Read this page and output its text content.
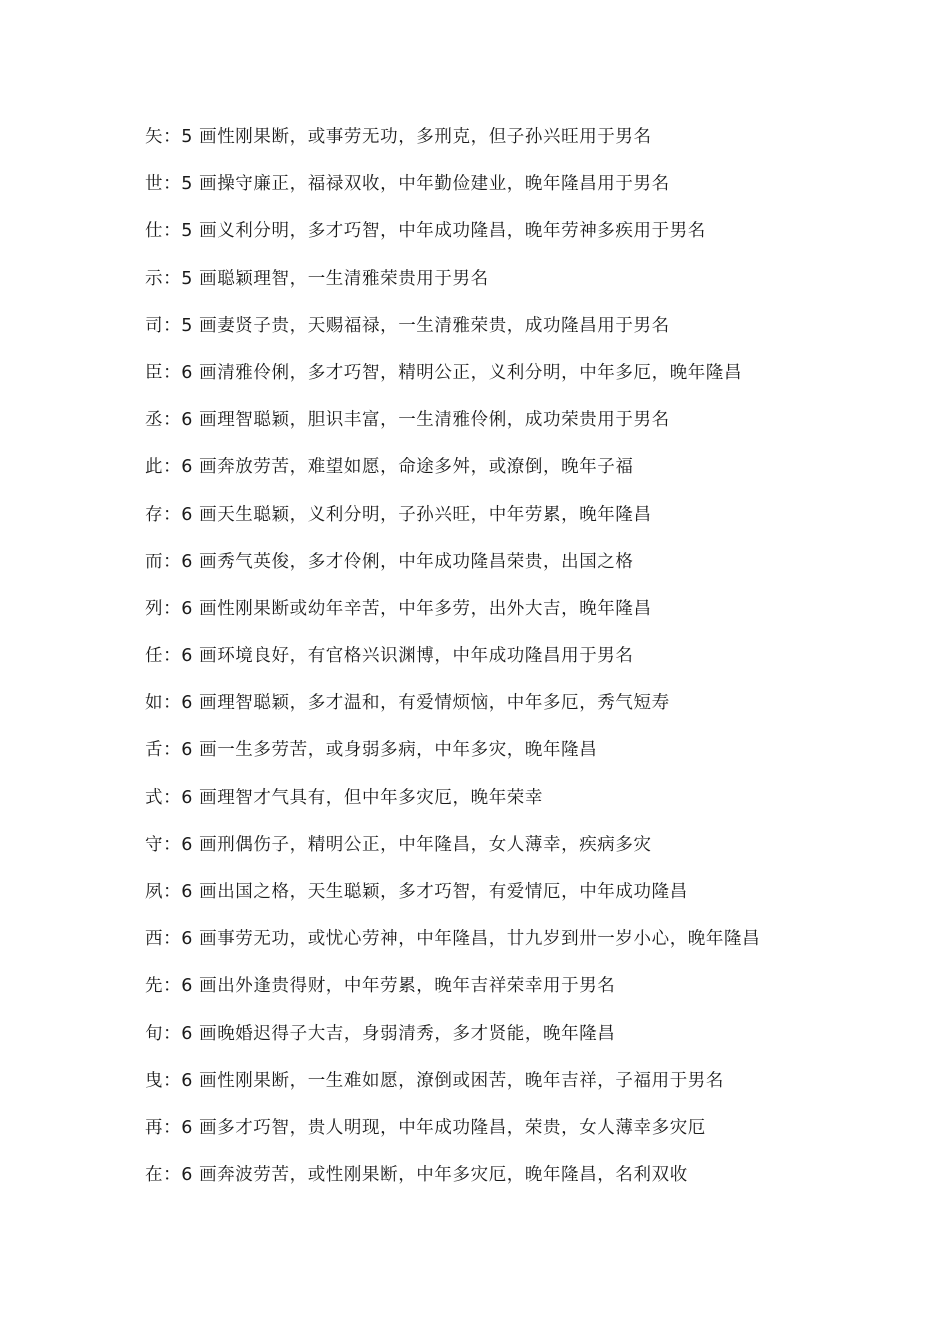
矢：5 画性刚果断，或事劳无功，多刑克，但子孙兴旺用于男名
世：5 画操守廉正，福禄双收，中年勤俭建业，晚年隆昌用于男名
仕：5 画义利分明，多才巧智，中年成功隆昌，晚年劳神多疾用于男名
示：5 画聪颖理智，一生清雅荣贵用于男名
司：5 画妻贤子贵，天赐福禄，一生清雅荣贵，成功隆昌用于男名
臣：6 画清雅伶俐，多才巧智，精明公正，义利分明，中年多厄，晚年隆昌
丞：6 画理智聪颖，胆识丰富，一生清雅伶俐，成功荣贵用于男名
此：6 画奔放劳苦，难望如愿，命途多舛，或潦倒，晚年子福
存：6 画天生聪颖，义利分明，子孙兴旺，中年劳累，晚年隆昌
而：6 画秀气英俊，多才伶俐，中年成功隆昌荣贵，出国之格
列：6 画性刚果断或幼年辛苦，中年多劳，出外大吉，晚年隆昌
任：6 画环境良好，有官格兴识渊博，中年成功隆昌用于男名
如：6 画理智聪颖，多才温和，有爱情烦恼，中年多厄，秀气短寿
舌：6 画一生多劳苦，或身弱多病，中年多灾，晚年隆昌
式：6 画理智才气具有，但中年多灾厄，晚年荣幸
守：6 画刑偶伤子，精明公正，中年隆昌，女人薄幸，疾病多灾
夙：6 画出国之格，天生聪颖，多才巧智，有爱情厄，中年成功隆昌
西：6 画事劳无功，或忧心劳神，中年隆昌，廿九岁到卅一岁小心，晚年隆昌
先：6 画出外逢贵得财，中年劳累，晚年吉祥荣幸用于男名
旬：6 画晚婚迟得子大吉，身弱清秀，多才贤能，晚年隆昌
曳：6 画性刚果断，一生难如愿，潦倒或困苦，晚年吉祥，子福用于男名
再：6 画多才巧智，贵人明现，中年成功隆昌，荣贵，女人薄幸多灾厄
在：6 画奔波劳苦，或性刚果断，中年多灾厄，晚年隆昌，名利双收
